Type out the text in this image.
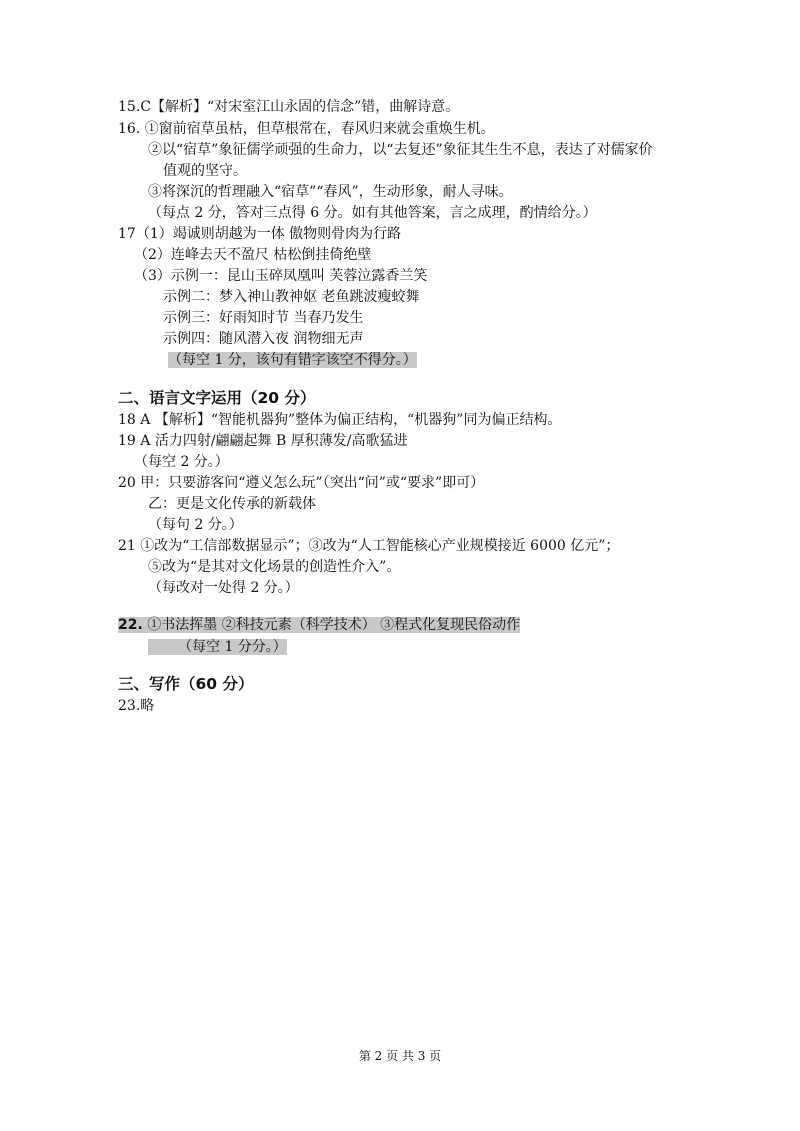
15.C【解析】“对宋室江山永固的信念”错，曲解诗意。
16. ①窗前宿草虽枯，但草根常在，春风归来就会重焕生机。
②以“宿草”象征儒学顽强的生命力，以“去复还”象征其生生不息，表达了对儒家价
值观的坚守。
③将深沉的哲理融入“宿草”“春风”，生动形象，耐人寻味。
（每点 2 分，答对三点得 6 分。如有其他答案，言之成理，酌情给分。）
17（1）竭诚则胡越为一体 傲物则骨肉为行路
（2）连峰去天不盈尺 枯松倒挂倚绝壁
（3）示例一：昆山玉碎凤凰叫 芙蓉泣露香兰笑
示例二：梦入神山教神妪 老鱼跳波瘦蛟舞
示例三：好雨知时节 当春乃发生
示例四：随风潜入夜 润物细无声
（每空 1 分，该句有错字该空不得分。）
二、语言文字运用（20 分）
18 A 【解析】“智能机器狗”整体为偏正结构，“机器狗”同为偏正结构。
19 A 活力四射/翩翩起舞 B 厚积薄发/高歌猛进
（每空 2 分。）
20 甲：只要游客问“遵义怎么玩”（突出“问”或“要求”即可）
乙：更是文化传承的新载体
（每句 2 分。）
21 ①改为“工信部数据显示”；③改为“人工智能核心产业规模接近 6000 亿元”；
⑤改为“是其对文化场景的创造性介入”。
（每改对一处得 2 分。）
22. ①书法挥墨 ②科技元素（科学技术） ③程式化复现民俗动作
（每空 1 分分。）
三、写作（60 分）
23.略
第 2 页 共 3 页
